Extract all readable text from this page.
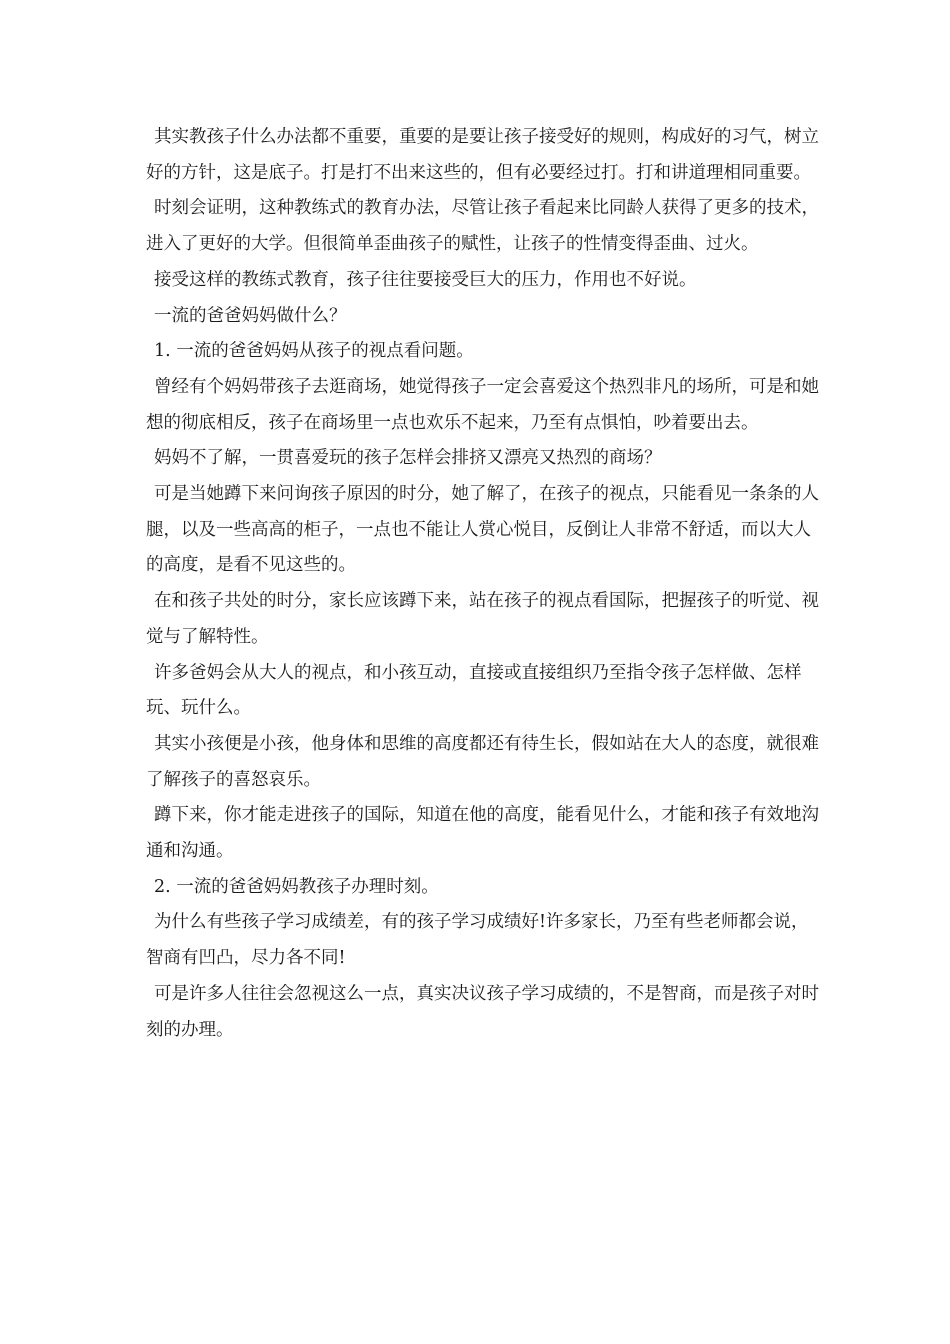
其实教孩子什么办法都不重要，重要的是要让孩子接受好的规则，构成好的习气，树立好的方针，这是底子。打是打不出来这些的，但有必要经过打。打和讲道理相同重要。

时刻会证明，这种教练式的教育办法，尽管让孩子看起来比同龄人获得了更多的技术，进入了更好的大学。但很简单歪曲孩子的赋性，让孩子的性情变得歪曲、过火。

接受这样的教练式教育，孩子往往要接受巨大的压力，作用也不好说。

一流的爸爸妈妈做什么？

1. 一流的爸爸妈妈从孩子的视点看问题。

曾经有个妈妈带孩子去逛商场，她觉得孩子一定会喜爱这个热烈非凡的场所，可是和她想的彻底相反，孩子在商场里一点也欢乐不起来，乃至有点惧怕，吵着要出去。

妈妈不了解，一贯喜爱玩的孩子怎样会排挤又漂亮又热烈的商场？

可是当她蹲下来问询孩子原因的时分，她了解了，在孩子的视点，只能看见一条条的人腿，以及一些高高的柜子，一点也不能让人赏心悦目，反倒让人非常不舒适，而以大人的高度，是看不见这些的。

在和孩子共处的时分，家长应该蹲下来，站在孩子的视点看国际，把握孩子的听觉、视觉与了解特性。

许多爸妈会从大人的视点，和小孩互动，直接或直接组织乃至指令孩子怎样做、怎样玩、玩什么。

其实小孩便是小孩，他身体和思维的高度都还有待生长，假如站在大人的态度，就很难了解孩子的喜怒哀乐。

蹲下来，你才能走进孩子的国际，知道在他的高度，能看见什么，才能和孩子有效地沟通和沟通。

2. 一流的爸爸妈妈教孩子办理时刻。

为什么有些孩子学习成绩差，有的孩子学习成绩好!许多家长，乃至有些老师都会说，智商有凹凸，尽力各不同!

可是许多人往往会忽视这么一点，真实决议孩子学习成绩的，不是智商，而是孩子对时刻的办理。
